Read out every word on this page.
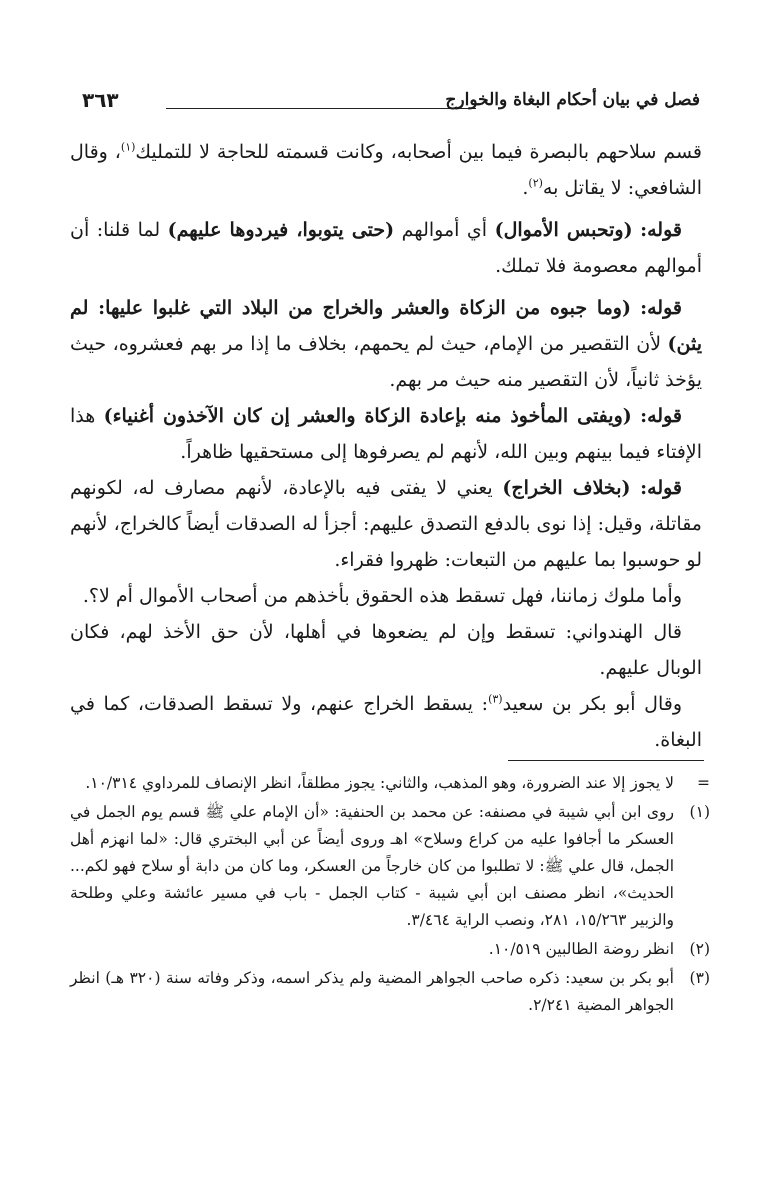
٣٦٣	فصل في بيان أحكام البغاة والخوارج

قسم سلاحهم بالبصرة فيما بين أصحابه، وكانت قسمته للحاجة لا للتمليك$^{(١)}$، وقال الشافعي: لا يقاتل به$^{(٢)}$.

قوله: (وتحبس الأموال) أي أموالهم (حتى يتوبوا، فيردوها عليهم) لما قلنا: أن أموالهم معصومة فلا تملك.

قوله: (وما جبوه من الزكاة والعشر والخراج من البلاد التي غلبوا عليها: لم يثن) لأن التقصير من الإمام، حيث لم يحمهم، بخلاف ما إذا مر بهم فعشروه، حيث يؤخذ ثانياً، لأن التقصير منه حيث مر بهم.

قوله: (ويفتى المأخوذ منه بإعادة الزكاة والعشر إن كان الآخذون أغنياء) هذا الإفتاء فيما بينهم وبين الله، لأنهم لم يصرفوها إلى مستحقيها ظاهراً.

قوله: (بخلاف الخراج) يعني لا يفتى فيه بالإعادة، لأنهم مصارف له، لكونهم مقاتلة، وقيل: إذا نوى بالدفع التصدق عليهم: أجزأ له الصدقات أيضاً كالخراج، لأنهم لو حوسبوا بما عليهم من التبعات: ظهروا فقراء.

وأما ملوك زماننا، فهل تسقط هذه الحقوق بأخذهم من أصحاب الأموال أم لا؟.

قال الهندواني: تسقط وإن لم يضعوها في أهلها، لأن حق الأخذ لهم، فكان الوبال عليهم.

وقال أبو بكر بن سعيد$^{(٣)}$: يسقط الخراج عنهم، ولا تسقط الصدقات، كما في البغاة.

=
لا يجوز إلا عند الضرورة، وهو المذهب، والثاني: يجوز مطلقاً، انظر الإنصاف للمرداوي ١٠/٣١٤.
(١)
روى ابن أبي شيبة في مصنفه: عن محمد بن الحنفية: «أن الإمام علي ﷺ قسم يوم الجمل في العسكر ما أجافوا عليه من كراع وسلاح» اهـ وروى أيضاً عن أبي البختري قال: «لما انهزم أهل الجمل، قال علي ﷺ: لا تطلبوا من كان خارجاً من العسكر، وما كان من دابة أو سلاح فهو لكم... الحديث»، انظر مصنف ابن أبي شيبة - كتاب الجمل - باب في مسير عائشة وعلي وطلحة والزبير ١٥/٢٦٣، ٢٨١، ونصب الراية ٣/٤٦٤.
(٢)
انظر روضة الطالبين ١٠/٥١٩.
(٣)
أبو بكر بن سعيد: ذكره صاحب الجواهر المضية ولم يذكر اسمه، وذكر وفاته سنة (٣٢٠ هـ) انظر الجواهر المضية ٢/٢٤١.
